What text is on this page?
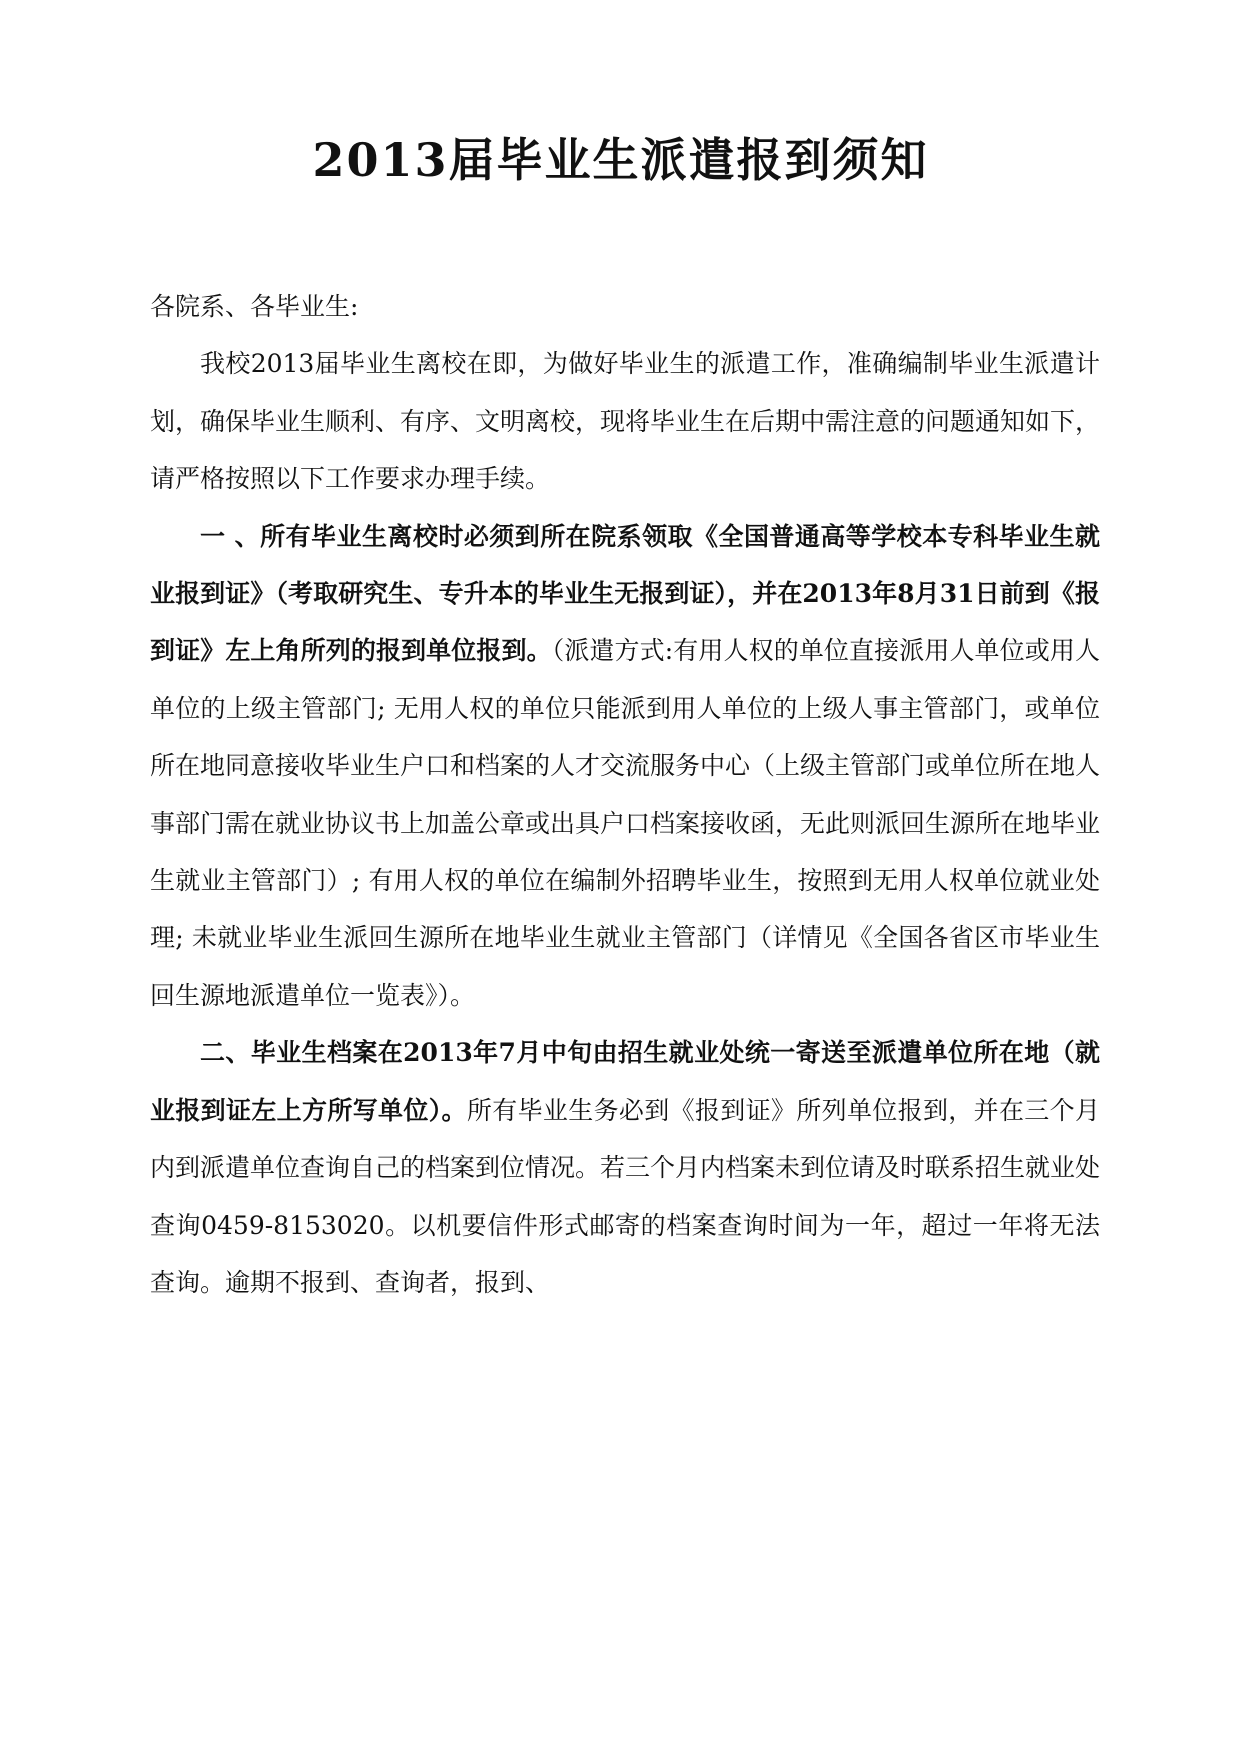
2013届毕业生派遣报到须知

各院系、各毕业生:

我校2013届毕业生离校在即，为做好毕业生的派遣工作，准确编制毕业生派遣计划，确保毕业生顺利、有序、文明离校，现将毕业生在后期中需注意的问题通知如下，请严格按照以下工作要求办理手续。

一 、所有毕业生离校时必须到所在院系领取《全国普通高等学校本专科毕业生就业报到证》（考取研究生、专升本的毕业生无报到证），并在2013年8月31日前到《报到证》左上角所列的报到单位报到。（派遣方式:有用人权的单位直接派用人单位或用人单位的上级主管部门; 无用人权的单位只能派到用人单位的上级人事主管部门，或单位所在地同意接收毕业生户口和档案的人才交流服务中心（上级主管部门或单位所在地人事部门需在就业协议书上加盖公章或出具户口档案接收函，无此则派回生源所在地毕业生就业主管部门）; 有用人权的单位在编制外招聘毕业生，按照到无用人权单位就业处理; 未就业毕业生派回生源所在地毕业生就业主管部门（详情见《全国各省区市毕业生回生源地派遣单位一览表》）。

二、毕业生档案在2013年7月中旬由招生就业处统一寄送至派遣单位所在地（就业报到证左上方所写单位）。所有毕业生务必到《报到证》所列单位报到，并在三个月内到派遣单位查询自己的档案到位情况。若三个月内档案未到位请及时联系招生就业处查询0459-8153020。以机要信件形式邮寄的档案查询时间为一年，超过一年将无法查询。逾期不报到、查询者，报到、
